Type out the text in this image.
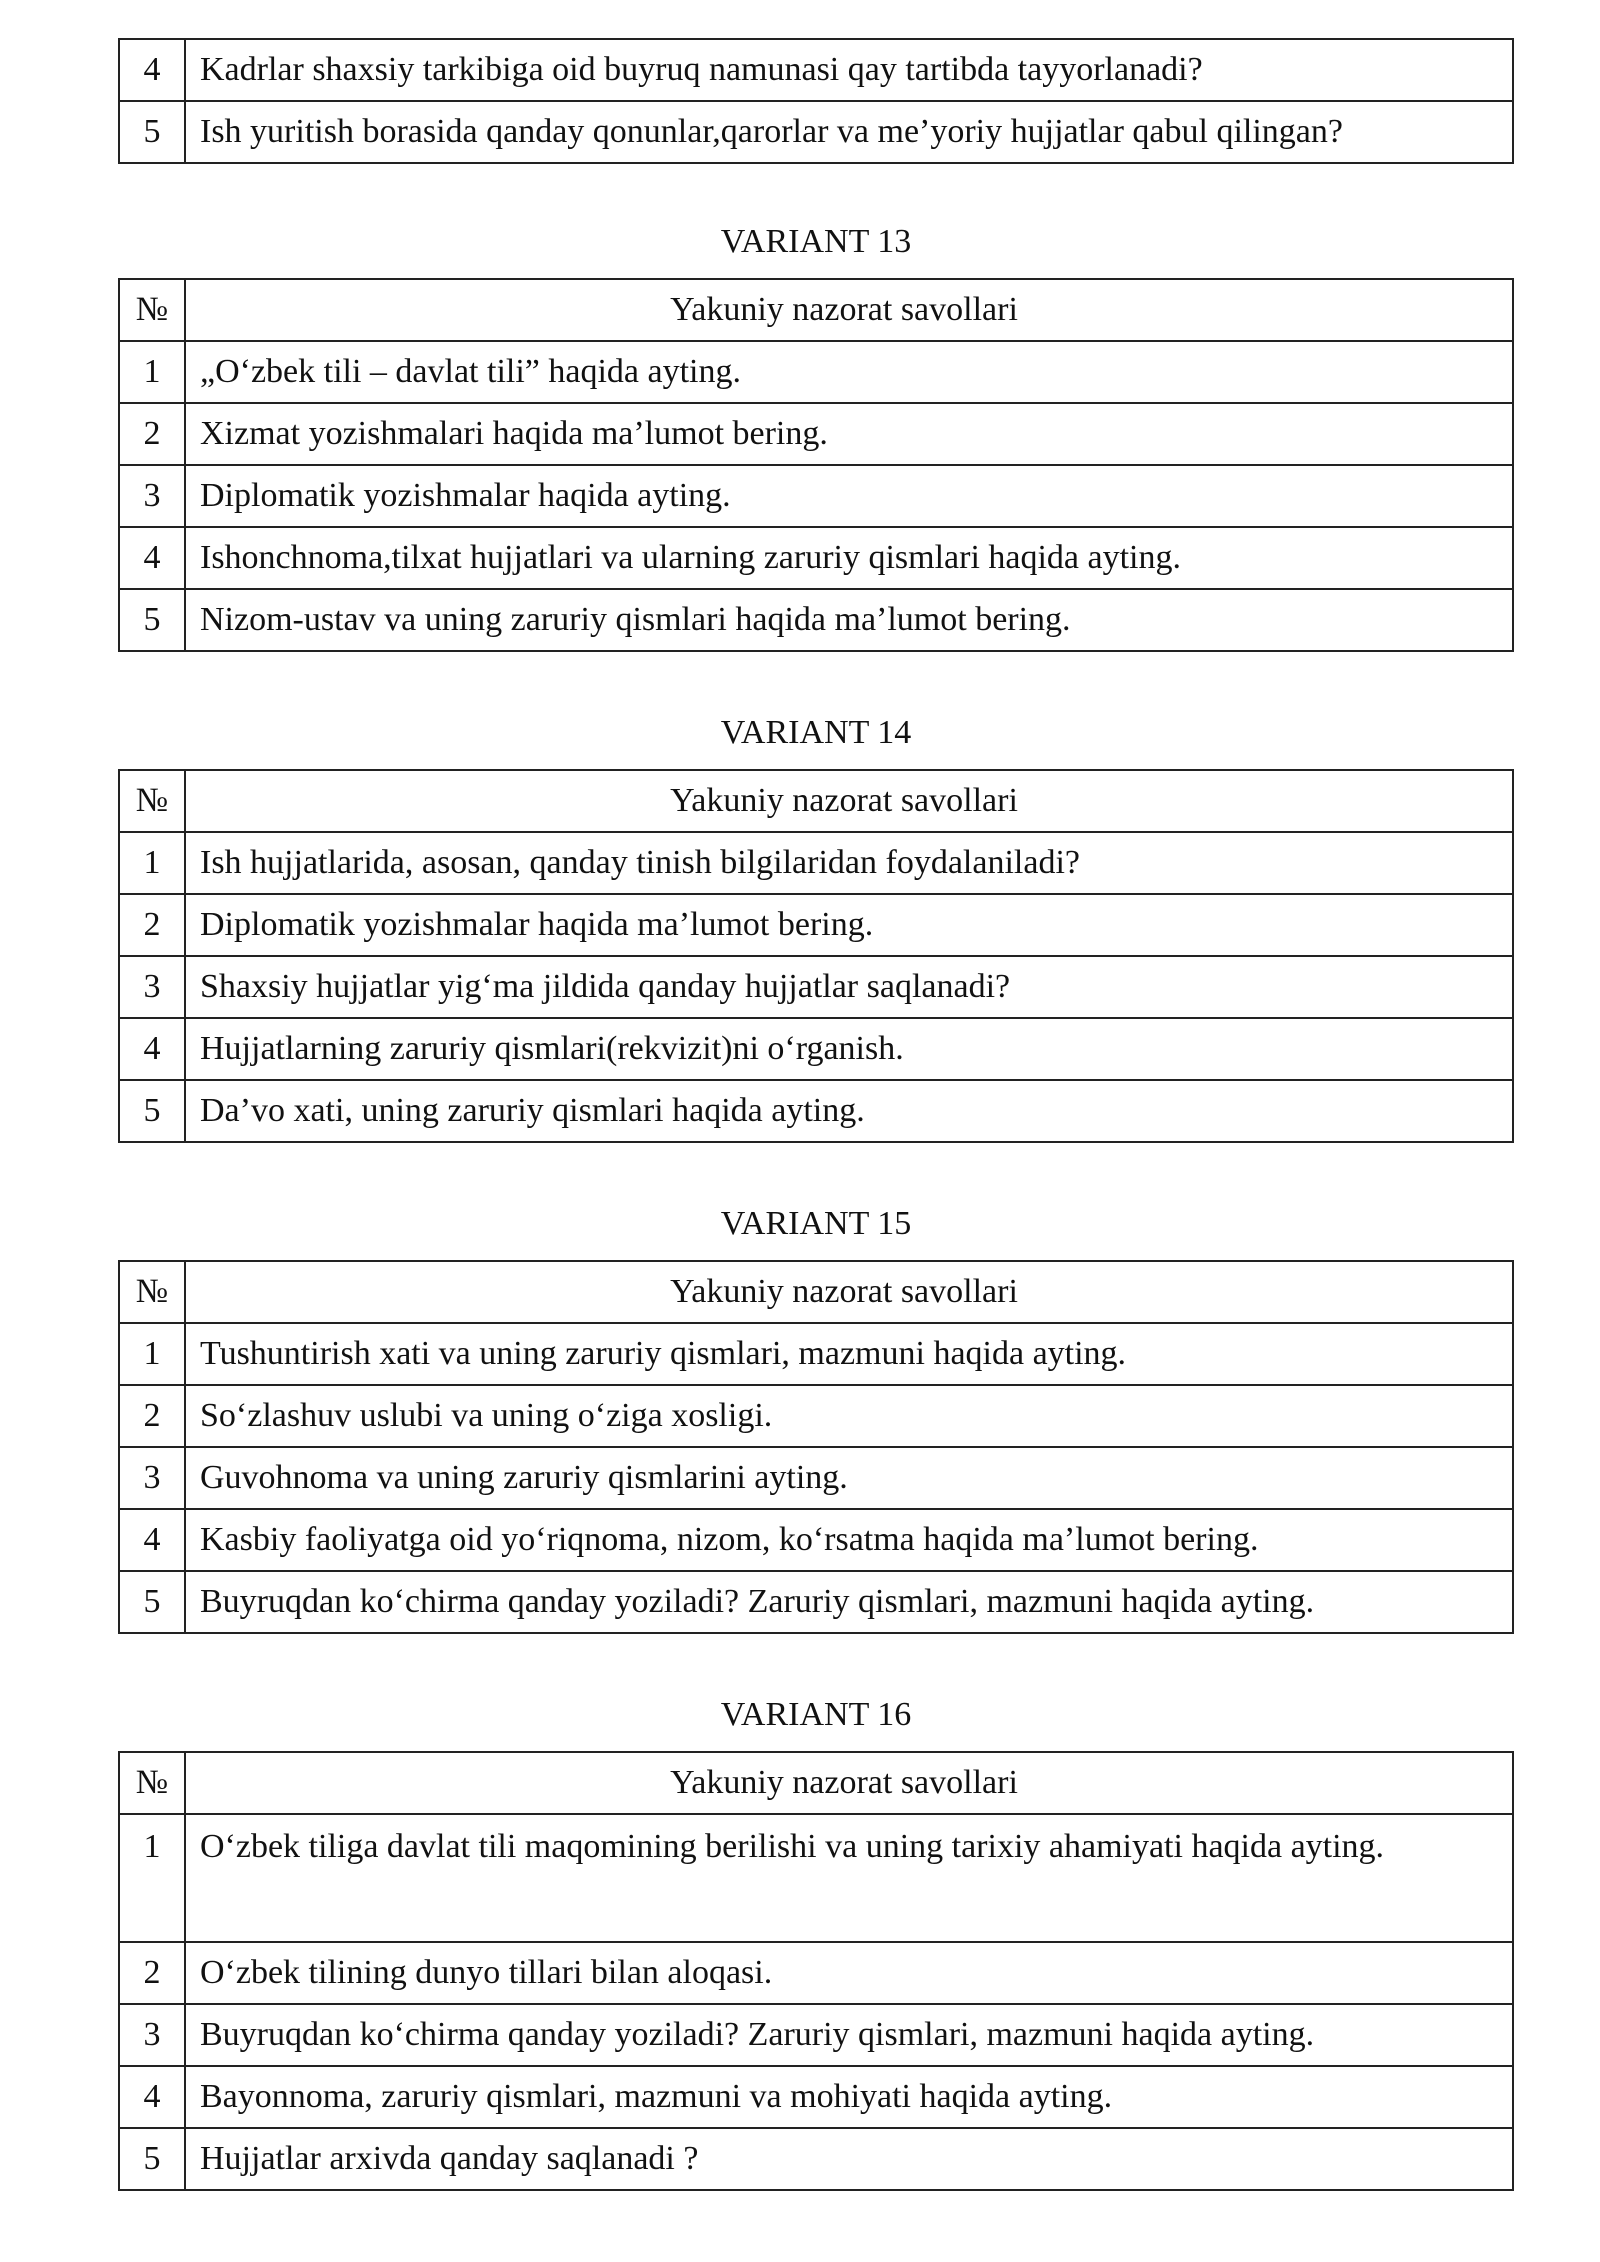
4	Kadrlar shaxsiy tarkibiga oid buyruq namunasi qay tartibda tayyorlanadi?
5	Ish yuritish borasida qanday qonunlar,qarorlar va me’yoriy hujjatlar qabul qilingan?
VARIANT 13
№	Yakuniy nazorat savollari
1	„O‘zbek tili – davlat tili” haqida ayting.
2	Xizmat yozishmalari haqida ma’lumot bering.
3	Diplomatik yozishmalar haqida ayting.
4	Ishonchnoma,tilxat hujjatlari va ularning zaruriy qismlari haqida ayting.
5	Nizom-ustav va uning zaruriy qismlari haqida ma’lumot bering.
VARIANT 14
№	Yakuniy nazorat savollari
1	Ish hujjatlarida, asosan, qanday tinish bilgilaridan foydalaniladi?
2	Diplomatik yozishmalar haqida ma’lumot bering.
3	Shaxsiy hujjatlar yig‘ma jildida qanday hujjatlar saqlanadi?
4	Hujjatlarning zaruriy qismlari(rekvizit)ni o‘rganish.
5	Da’vo xati, uning zaruriy qismlari haqida ayting.
VARIANT 15
№	Yakuniy nazorat savollari
1	Tushuntirish xati va uning zaruriy qismlari, mazmuni haqida ayting.
2	So‘zlashuv uslubi va uning o‘ziga xosligi.
3	Guvohnoma va uning zaruriy qismlarini ayting.
4	Kasbiy faoliyatga oid yo‘riqnoma, nizom, ko‘rsatma haqida ma’lumot bering.
5	Buyruqdan ko‘chirma qanday yoziladi? Zaruriy qismlari, mazmuni haqida ayting.
VARIANT 16
№	Yakuniy nazorat savollari
1	O‘zbek tiliga davlat tili maqomining berilishi va uning tarixiy ahamiyati haqida ayting.
2	O‘zbek tilining dunyo tillari bilan aloqasi.
3	Buyruqdan ko‘chirma qanday yoziladi? Zaruriy qismlari, mazmuni haqida ayting.
4	Bayonnoma, zaruriy qismlari, mazmuni va mohiyati haqida ayting.
5	Hujjatlar arxivda qanday saqlanadi ?
